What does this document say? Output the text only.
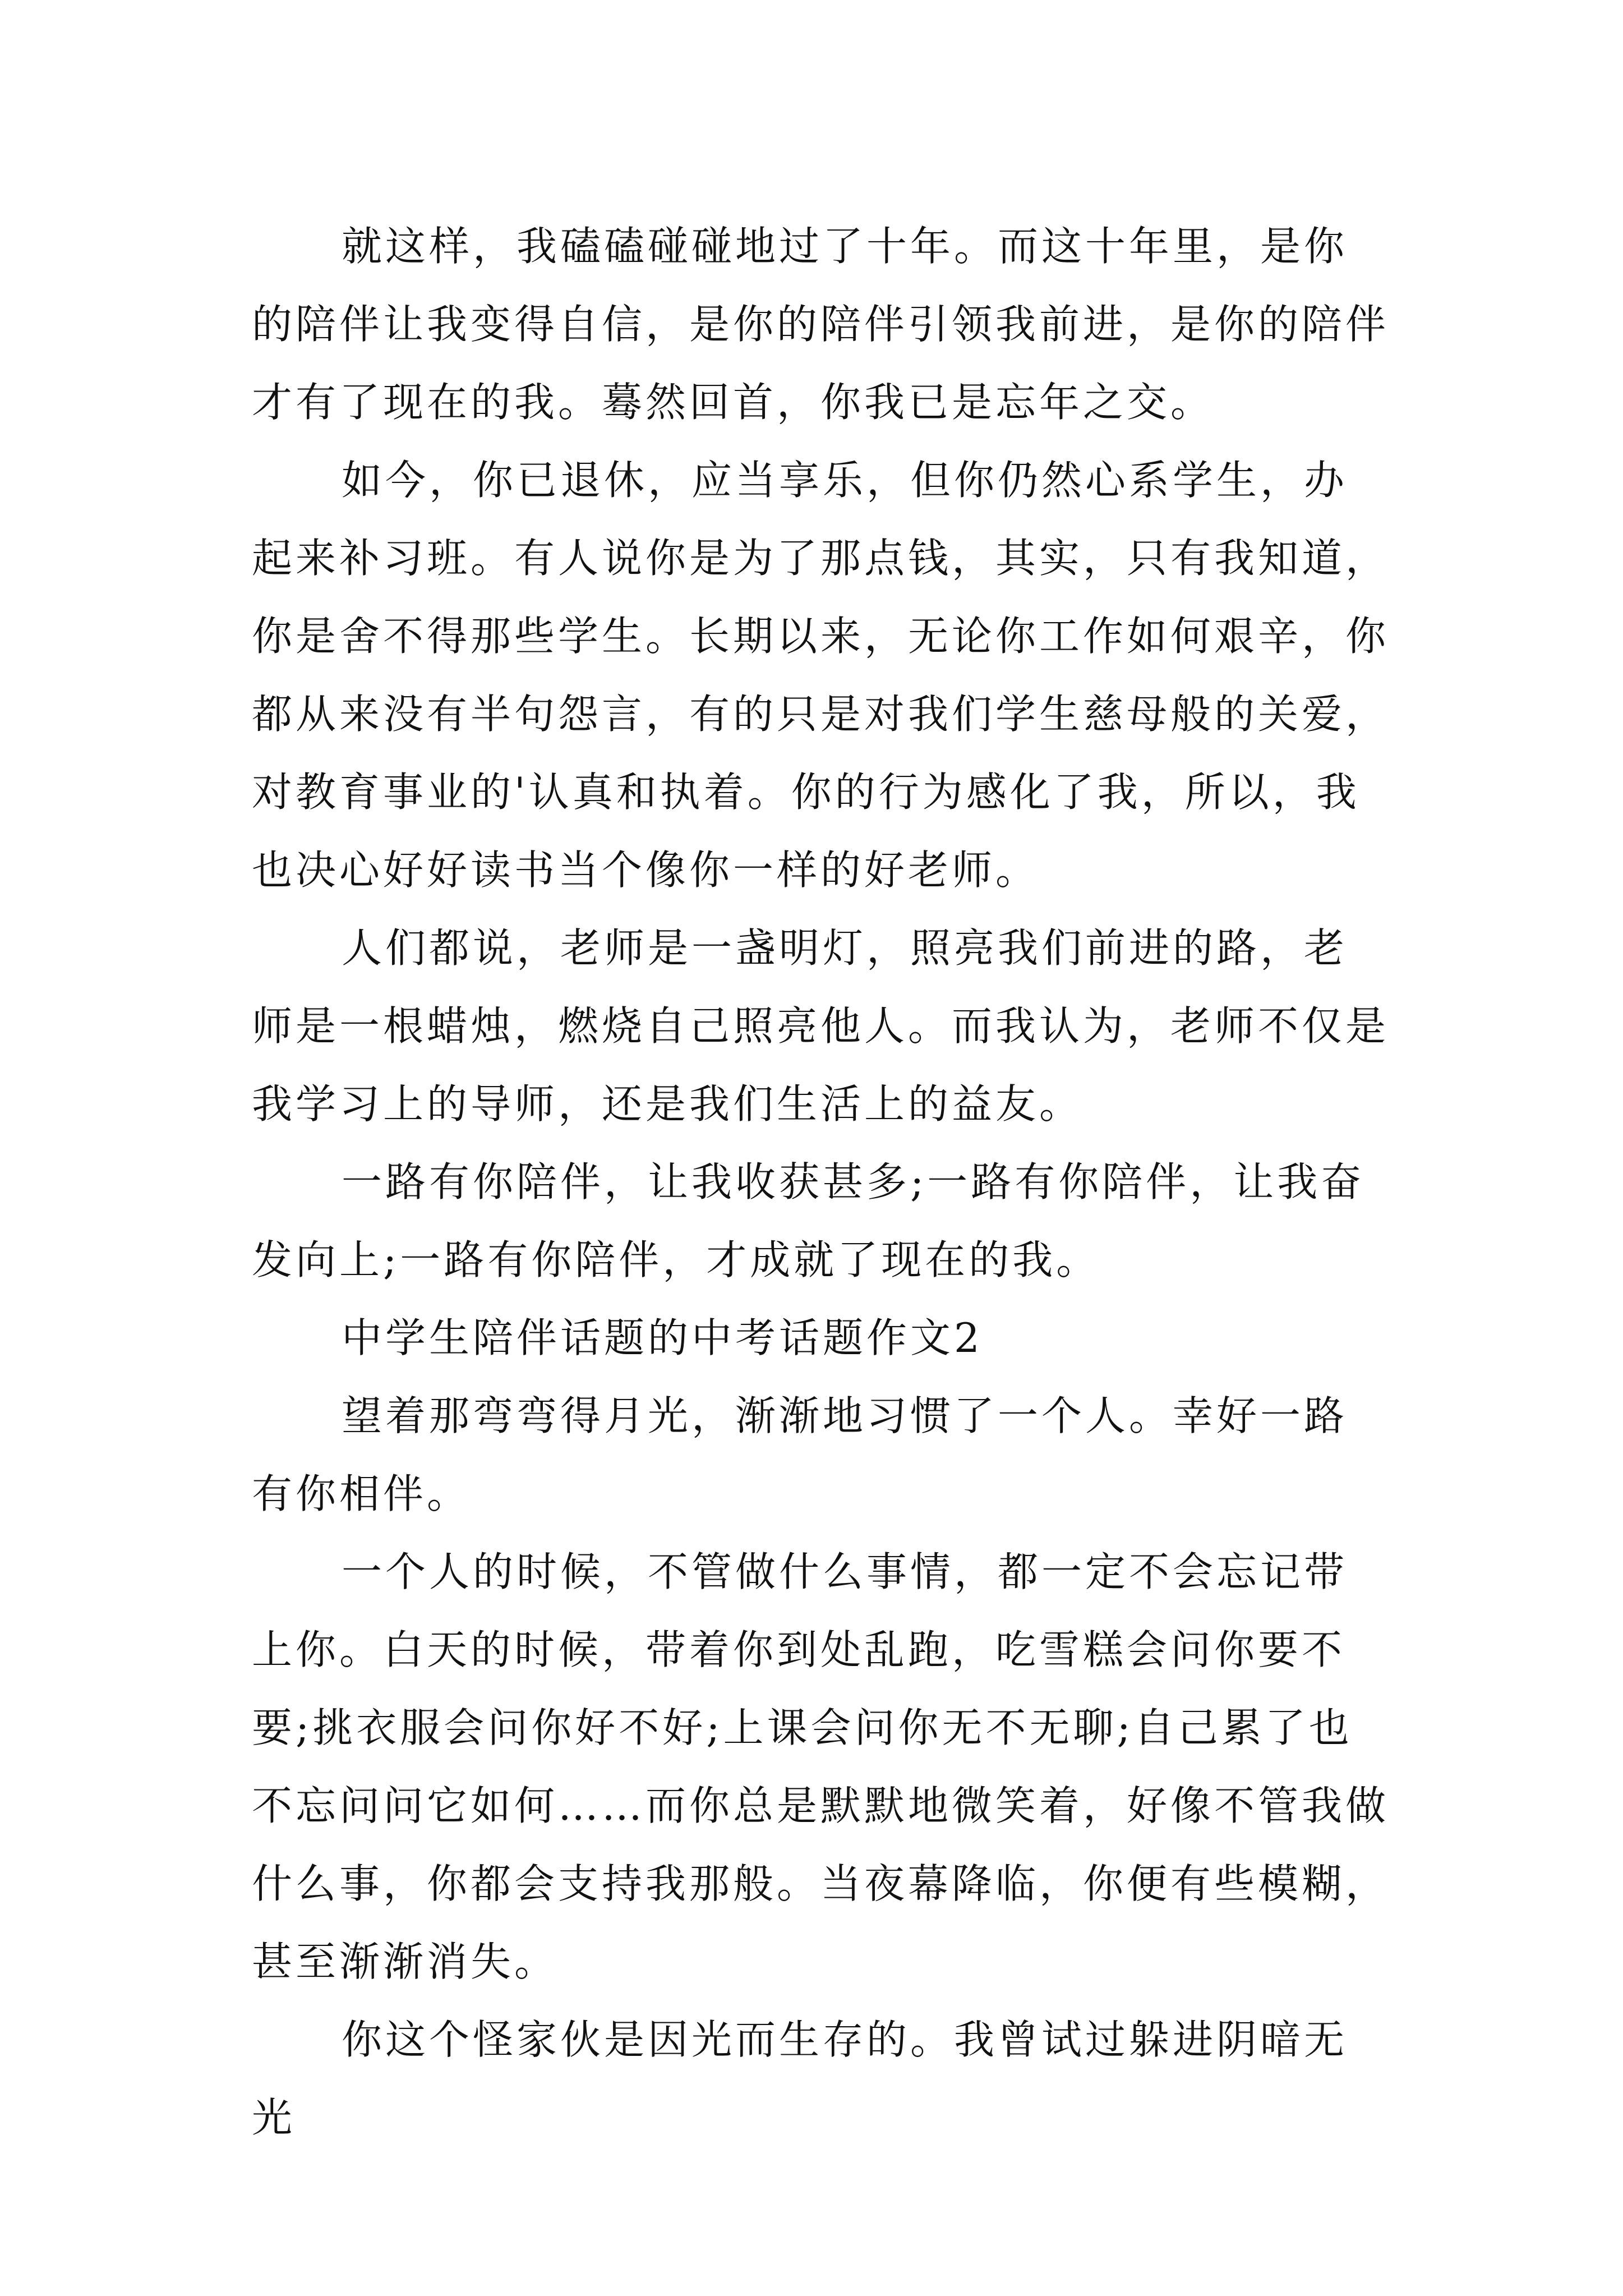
就这样，我磕磕碰碰地过了十年。而这十年里，是你的陪伴让我变得自信，是你的陪伴引领我前进，是你的陪伴才有了现在的我。蓦然回首，你我已是忘年之交。

如今，你已退休，应当享乐，但你仍然心系学生，办起来补习班。有人说你是为了那点钱，其实，只有我知道，你是舍不得那些学生。长期以来，无论你工作如何艰辛，你都从来没有半句怨言，有的只是对我们学生慈母般的关爱，对教育事业的'认真和执着。你的行为感化了我，所以，我也决心好好读书当个像你一样的好老师。

人们都说，老师是一盏明灯，照亮我们前进的路，老师是一根蜡烛，燃烧自己照亮他人。而我认为，老师不仅是我学习上的导师，还是我们生活上的益友。

一路有你陪伴，让我收获甚多;一路有你陪伴，让我奋发向上;一路有你陪伴，才成就了现在的我。

中学生陪伴话题的中考话题作文2

望着那弯弯得月光，渐渐地习惯了一个人。幸好一路有你相伴。

一个人的时候，不管做什么事情，都一定不会忘记带上你。白天的时候，带着你到处乱跑，吃雪糕会问你要不要;挑衣服会问你好不好;上课会问你无不无聊;自己累了也不忘问问它如何……而你总是默默地微笑着，好像不管我做什么事，你都会支持我那般。当夜幕降临，你便有些模糊，甚至渐渐消失。

你这个怪家伙是因光而生存的。我曾试过躲进阴暗无光
